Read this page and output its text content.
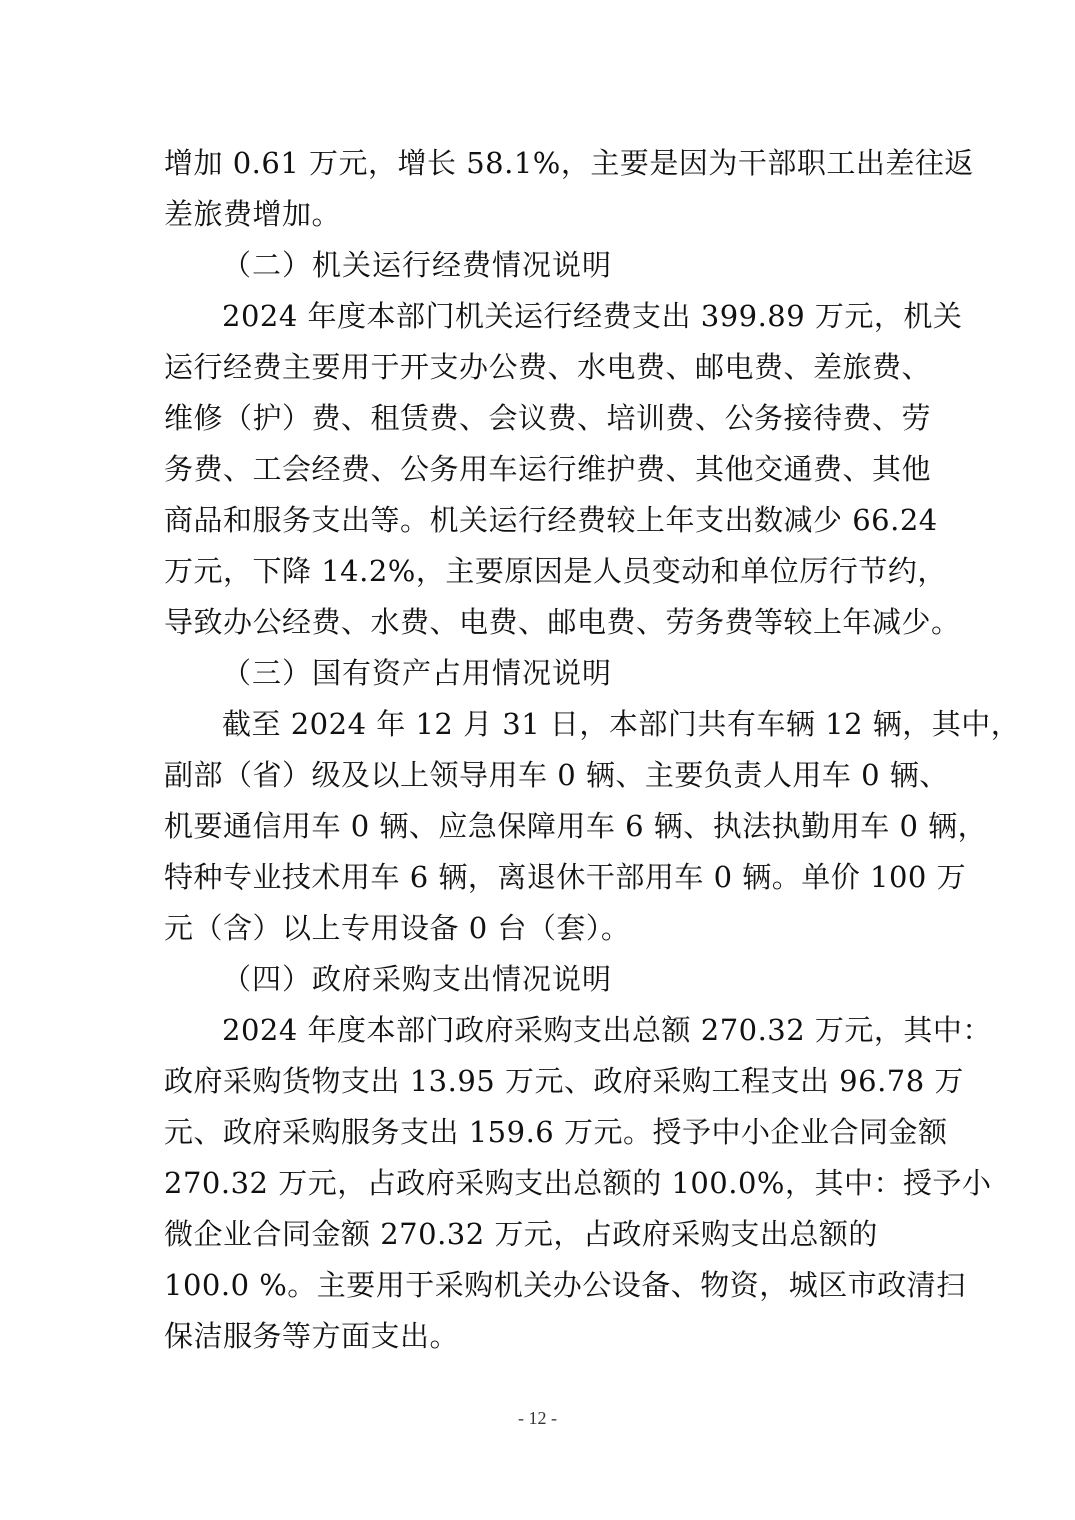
增加 0.61 万元，增长 58.1%，主要是因为干部职工出差往返
差旅费增加。
（二）机关运行经费情况说明
2024 年度本部门机关运行经费支出 399.89 万元，机关
运行经费主要用于开支办公费、水电费、邮电费、差旅费、
维修（护）费、租赁费、会议费、培训费、公务接待费、劳
务费、工会经费、公务用车运行维护费、其他交通费、其他
商品和服务支出等。机关运行经费较上年支出数减少 66.24
万元，下降 14.2%，主要原因是人员变动和单位厉行节约，
导致办公经费、水费、电费、邮电费、劳务费等较上年减少。
（三）国有资产占用情况说明
截至 2024 年 12 月 31 日，本部门共有车辆 12 辆，其中，
副部（省）级及以上领导用车 0 辆、主要负责人用车 0 辆、
机要通信用车 0 辆、应急保障用车 6 辆、执法执勤用车 0 辆，
特种专业技术用车 6 辆，离退休干部用车 0 辆。单价 100 万
元（含）以上专用设备 0 台（套）。
（四）政府采购支出情况说明
2024 年度本部门政府采购支出总额 270.32 万元，其中：
政府采购货物支出 13.95 万元、政府采购工程支出 96.78 万
元、政府采购服务支出 159.6 万元。授予中小企业合同金额
270.32 万元，占政府采购支出总额的 100.0%，其中：授予小
微企业合同金额 270.32 万元，占政府采购支出总额的
100.0 %。主要用于采购机关办公设备、物资，城区市政清扫
保洁服务等方面支出。
- 12 -
